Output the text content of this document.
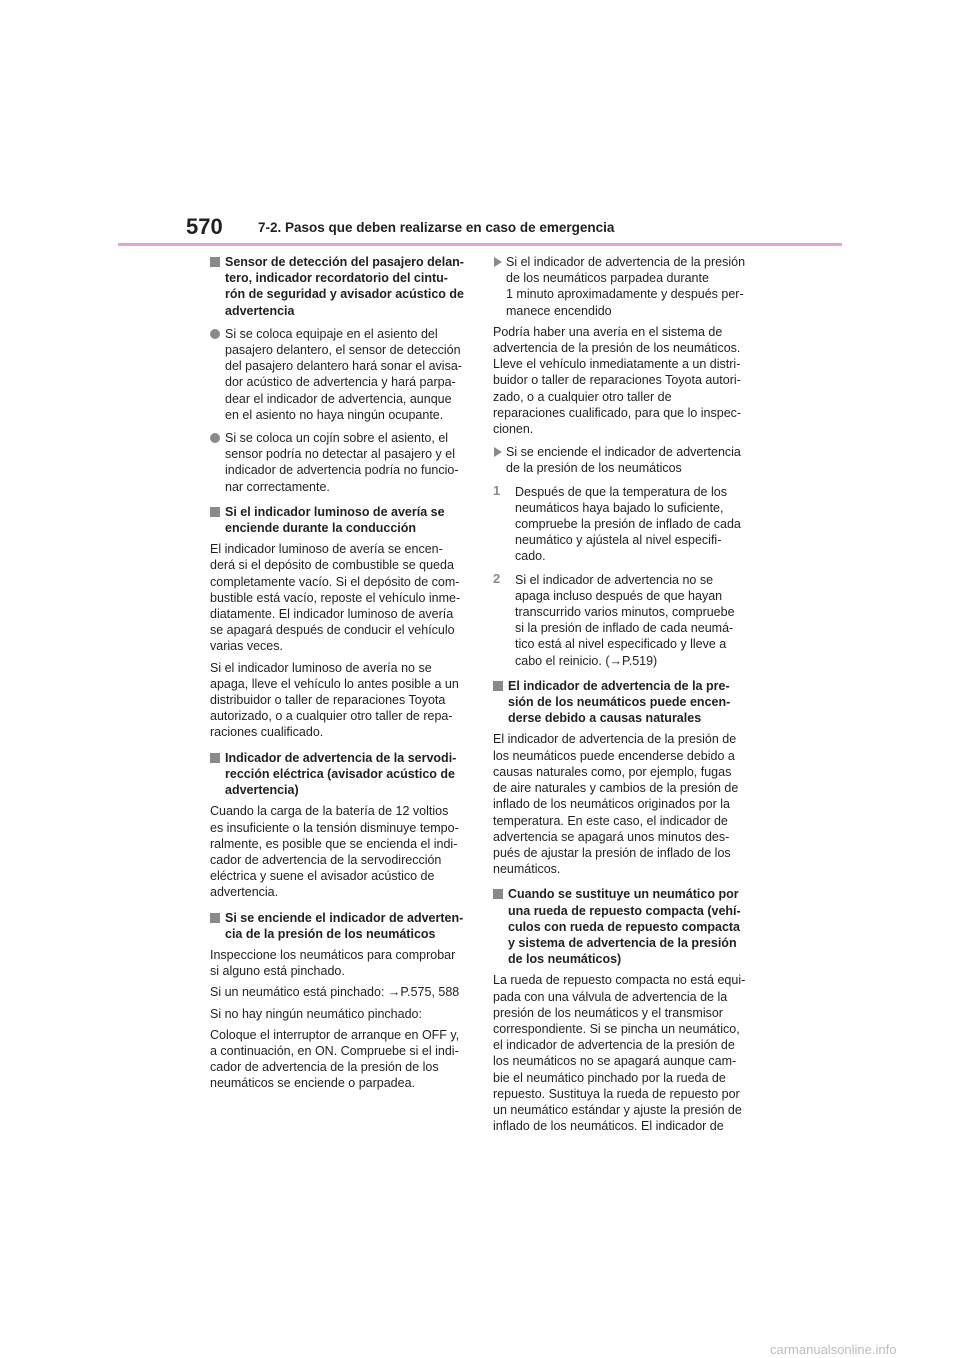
570	7-2. Pasos que deben realizarse en caso de emergencia
Sensor de detección del pasajero delan-
tero, indicador recordatorio del cintu-
rón de seguridad y avisador acústico de
advertencia
Si se coloca equipaje en el asiento del
pasajero delantero, el sensor de detección
del pasajero delantero hará sonar el avisa-
dor acústico de advertencia y hará parpa-
dear el indicador de advertencia, aunque
en el asiento no haya ningún ocupante.
Si se coloca un cojín sobre el asiento, el
sensor podría no detectar al pasajero y el
indicador de advertencia podría no funcio-
nar correctamente.
Si el indicador luminoso de avería se
enciende durante la conducción
El indicador luminoso de avería se encen-
derá si el depósito de combustible se queda
completamente vacío. Si el depósito de com-
bustible está vacío, reposte el vehículo inme-
diatamente. El indicador luminoso de avería
se apagará después de conducir el vehículo
varias veces.
Si el indicador luminoso de avería no se
apaga, lleve el vehículo lo antes posible a un
distribuidor o taller de reparaciones Toyota
autorizado, o a cualquier otro taller de repa-
raciones cualificado.
Indicador de advertencia de la servodi-
rección eléctrica (avisador acústico de
advertencia)
Cuando la carga de la batería de 12 voltios
es insuficiente o la tensión disminuye tempo-
ralmente, es posible que se encienda el indi-
cador de advertencia de la servodirección
eléctrica y suene el avisador acústico de
advertencia.
Si se enciende el indicador de adverten-
cia de la presión de los neumáticos
Inspeccione los neumáticos para comprobar
si alguno está pinchado.
Si un neumático está pinchado: →P.575, 588
Si no hay ningún neumático pinchado:
Coloque el interruptor de arranque en OFF y,
a continuación, en ON. Compruebe si el indi-
cador de advertencia de la presión de los
neumáticos se enciende o parpadea.
Si el indicador de advertencia de la presión
de los neumáticos parpadea durante
1 minuto aproximadamente y después per-
manece encendido
Podría haber una avería en el sistema de
advertencia de la presión de los neumáticos.
Lleve el vehículo inmediatamente a un distri-
buidor o taller de reparaciones Toyota autori-
zado, o a cualquier otro taller de
reparaciones cualificado, para que lo inspec-
cionen.
Si se enciende el indicador de advertencia
de la presión de los neumáticos
1 Después de que la temperatura de los
neumáticos haya bajado lo suficiente,
compruebe la presión de inflado de cada
neumático y ajústela al nivel especifi-
cado.
2 Si el indicador de advertencia no se
apaga incluso después de que hayan
transcurrido varios minutos, compruebe
si la presión de inflado de cada neumá-
tico está al nivel especificado y lleve a
cabo el reinicio. (→P.519)
El indicador de advertencia de la pre-
sión de los neumáticos puede encen-
derse debido a causas naturales
El indicador de advertencia de la presión de
los neumáticos puede encenderse debido a
causas naturales como, por ejemplo, fugas
de aire naturales y cambios de la presión de
inflado de los neumáticos originados por la
temperatura. En este caso, el indicador de
advertencia se apagará unos minutos des-
pués de ajustar la presión de inflado de los
neumáticos.
Cuando se sustituye un neumático por
una rueda de repuesto compacta (vehí-
culos con rueda de repuesto compacta
y sistema de advertencia de la presión
de los neumáticos)
La rueda de repuesto compacta no está equi-
pada con una válvula de advertencia de la
presión de los neumáticos y el transmisor
correspondiente. Si se pincha un neumático,
el indicador de advertencia de la presión de
los neumáticos no se apagará aunque cam-
bie el neumático pinchado por la rueda de
repuesto. Sustituya la rueda de repuesto por
un neumático estándar y ajuste la presión de
inflado de los neumáticos. El indicador de
carmanualsonline.info
